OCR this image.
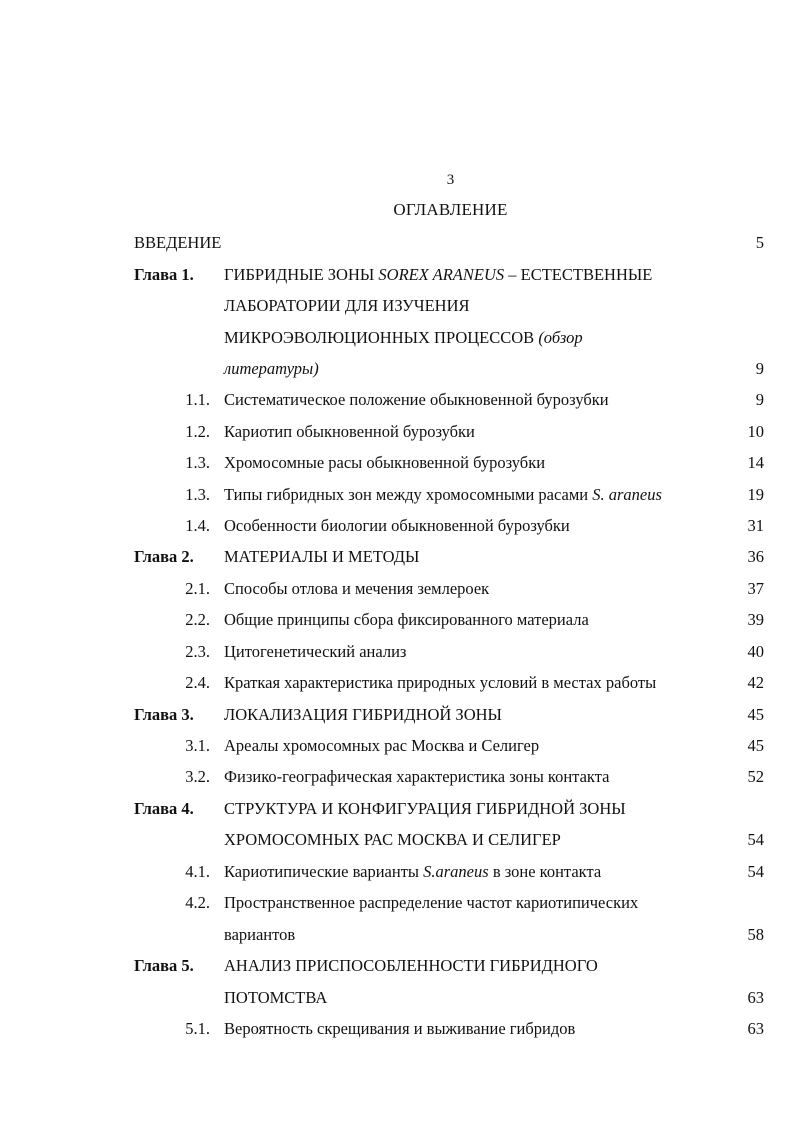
3
ОГЛАВЛЕНИЕ
ВВЕДЕНИЕ	5
Глава 1. ГИБРИДНЫЕ ЗОНЫ SOREX ARANEUS – ЕСТЕСТВЕННЫЕ
ЛАБОРАТОРИИ ДЛЯ ИЗУЧЕНИЯ
МИКРОЭВОЛЮЦИОННЫХ ПРОЦЕССОВ (обзор
литературы)	9
1.1. Систематическое положение обыкновенной бурозубки	9
1.2. Кариотип обыкновенной бурозубки	10
1.3. Хромосомные расы обыкновенной бурозубки	14
1.3. Типы гибридных зон между хромосомными расами S. araneus	19
1.4. Особенности биологии обыкновенной бурозубки	31
Глава 2. МАТЕРИАЛЫ И МЕТОДЫ	36
2.1. Способы отлова и мечения землероек	37
2.2. Общие принципы сбора фиксированного материала	39
2.3. Цитогенетический анализ	40
2.4. Краткая характеристика природных условий в местах работы	42
Глава 3. ЛОКАЛИЗАЦИЯ ГИБРИДНОЙ ЗОНЫ	45
3.1. Ареалы хромосомных рас Москва и Селигер	45
3.2. Физико-географическая характеристика зоны контакта	52
Глава 4. СТРУКТУРА И КОНФИГУРАЦИЯ ГИБРИДНОЙ ЗОНЫ
ХРОМОСОМНЫХ РАС МОСКВА И СЕЛИГЕР	54
4.1. Кариотипические варианты S.araneus в зоне контакта	54
4.2. Пространственное распределение частот кариотипических
вариантов	58
Глава 5. АНАЛИЗ ПРИСПОСОБЛЕННОСТИ ГИБРИДНОГО
ПОТОМСТВА	63
5.1. Вероятность скрещивания и выживание гибридов	63
